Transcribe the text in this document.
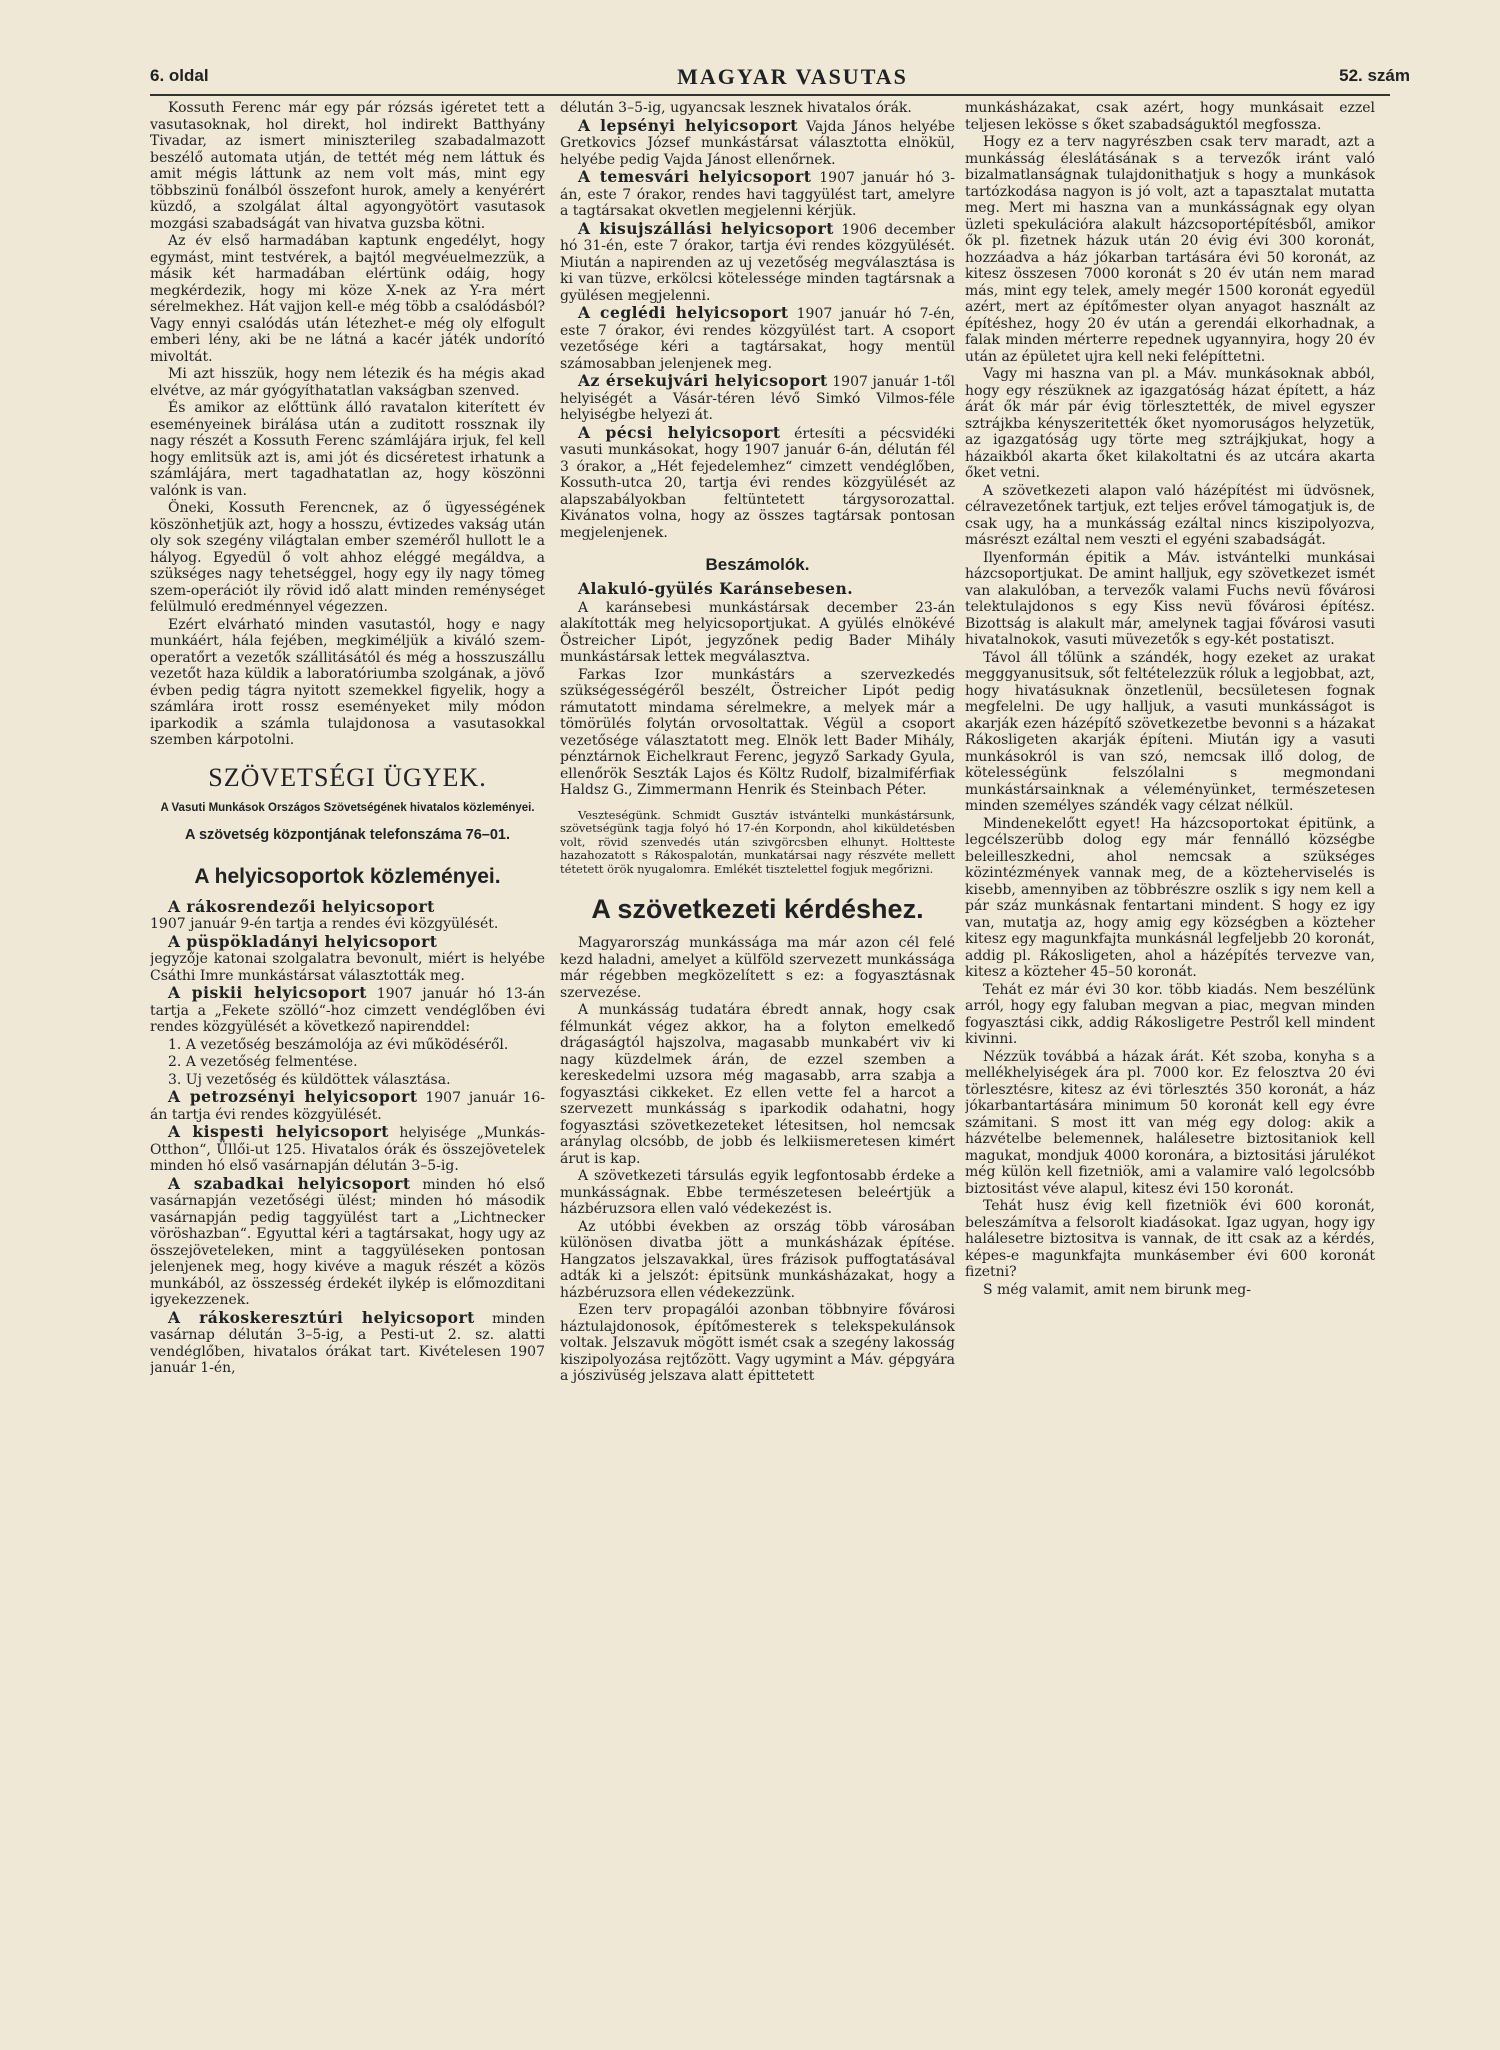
6. oldal	MAGYAR VASUTAS	52. szám

Kossuth Ferenc már egy pár rózsás igéretet tett a vasutasoknak, hol direkt, hol indirekt Batthyány Tivadar, az ismert miniszterileg szabadalmazott beszélő automata utján, de tettét még nem láttuk és amit mégis láttunk az nem volt más, mint egy többszinü fonálból összefont hurok, amely a kenyérért küzdő, a szolgálat által agyongyötört vasutasok mozgási szabadságát van hivatva guzsba kötni.

Az év első harmadában kaptunk engedélyt, hogy egymást, mint testvérek, a bajtól megvéuelmezzük, a másik két harmadában elértünk odáig, hogy megkérdezik, hogy mi köze X-nek az Y-ra mért sérelmekhez. Hát vajjon kell-e még több a csalódásból? Vagy ennyi csalódás után létezhet-e még oly elfogult emberi lény, aki be ne látná a kacér játék undorító mivoltát.

Mi azt hisszük, hogy nem létezik és ha mégis akad elvétve, az már gyógyíthatatlan vakságban szenved.

És amikor az előttünk álló ravatalon kiterített év eseményeinek birálása után a zuditott rossznak ily nagy részét a Kossuth Ferenc számlájára irjuk, fel kell hogy emlitsük azt is, ami jót és dicséretest irhatunk a számlájára, mert tagadhatatlan az, hogy köszönni valónk is van.

Öneki, Kossuth Ferencnek, az ő ügyességének köszönhetjük azt, hogy a hosszu, évtizedes vakság után oly sok szegény világtalan ember szeméről hullott le a hályog. Egyedül ő volt ahhoz eléggé megáldva, a szükséges nagy tehetséggel, hogy egy ily nagy tömeg szem-operációt ily rövid idő alatt minden reménységet felülmuló eredménnyel végezzen.

Ezért elvárható minden vasutastól, hogy e nagy munkáért, hála fejében, megkiméljük a kiváló szem-operatőrt a vezetők szállitásától és még a hosszuszállu vezetőt haza küldik a laboratóriumba szolgának, a jövő évben pedig tágra nyitott szemekkel figyelik, hogy a számlára irott rossz eseményeket mily módon iparkodik a számla tulajdonosa a vasutasokkal szemben kárpotolni.

SZÖVETSÉGI ÜGYEK.
A Vasuti Munkások Országos Szövetségének hivatalos közleményei.
A szövetség központjának telefonszáma 76–01.
A helyicsoportok közleményei.

A rákosrendezői helyicsoport
1907 január 9-én tartja a rendes évi közgyülését.

A püspökladányi helyicsoport
jegyzője katonai szolgalatra bevonult, miért is helyébe Csáthi Imre munkástársat választották meg.

A piskii helyicsoport 1907 január hó 13-án tartja a „Fekete szölló“-hoz cimzett vendéglőben évi rendes közgyülését a következő napirenddel:

1. A vezetőség beszámolója az évi működéséről.

2. A vezetőség felmentése.

3. Uj vezetőség és küldöttek választása.

A petrozsényi helyicsoport 1907 január 16-án tartja évi rendes közgyülését.

A kispesti helyicsoport helyisége „Munkás-Otthon“, Üllői-ut 125. Hivatalos órák és összejövetelek minden hó első vasárnapján délután 3–5-ig.

A szabadkai helyicsoport minden hó első vasárnapján vezetőségi ülést; minden hó második vasárnapján pedig taggyülést tart a „Lichtnecker vöröshazban“. Egyuttal kéri a tagtársakat, hogy ugy az összejöveteleken, mint a taggyüléseken pontosan jelenjenek meg, hogy kivéve a maguk részét a közös munkából, az összesség érdekét ilykép is előmozditani igyekezzenek.

A rákoskeresztúri helyicsoport minden vasárnap délután 3–5-ig, a Pesti-ut 2. sz. alatti vendéglőben, hivatalos órákat tart. Kivételesen 1907 január 1-én,

délután 3–5-ig, ugyancsak lesznek hivatalos órák.

A lepsényi helyicsoport Vajda János helyébe Gretkovics József munkástársat választotta elnökül, helyébe pedig Vajda Jánost ellenőrnek.

A temesvári helyicsoport 1907 január hó 3-án, este 7 órakor, rendes havi taggyülést tart, amelyre a tagtársakat okvetlen megjelenni kérjük.

A kisujszállási helyicsoport 1906 december hó 31-én, este 7 órakor, tartja évi rendes közgyülését. Miután a napirenden az uj vezetőség megválasztása is ki van tüzve, erkölcsi kötelessége minden tagtársnak a gyülésen megjelenni.

A ceglédi helyicsoport 1907 január hó 7-én, este 7 órakor, évi rendes közgyülést tart. A csoport vezetősége kéri a tagtársakat, hogy mentül számosabban jelenjenek meg.

Az érsekujvári helyicsoport 1907 január 1-től helyiségét a Vásár-téren lévő Simkó Vilmos-féle helyiségbe helyezi át.

A pécsi helyicsoport értesíti a pécsvidéki vasuti munkásokat, hogy 1907 január 6-án, délután fél 3 órakor, a „Hét fejedelemhez“ cimzett vendéglőben, Kossuth-utca 20, tartja évi rendes közgyülését az alapszabályokban feltüntetett tárgysorozattal. Kivánatos volna, hogy az összes tagtársak pontosan megjelenjenek.

Beszámolók.

Alakuló-gyülés Karánsebesen.

A karánsebesi munkástársak december 23-án alakították meg helyicsoportjukat. A gyülés elnökévé Östreicher Lipót, jegyzőnek pedig Bader Mihály munkástársak lettek megválasztva.

Farkas Izor munkástárs a szervezkedés szükségességéről beszélt, Östreicher Lipót pedig rámutatott mindama sérelmekre, a melyek már a tömörülés folytán orvosoltattak. Végül a csoport vezetősége választatott meg. Elnök lett Bader Mihály, pénztárnok Eichelkraut Ferenc, jegyző Sarkady Gyula, ellenőrök Seszták Lajos és Költz Rudolf, bizalmiférfiak Haldsz G., Zimmermann Henrik és Steinbach Péter.

Veszteségünk. Schmidt Gusztáv istvántelki munkástársunk, szövetségünk tagja folyó hó 17-én Korpondn, ahol kiküldetésben volt, rövid szenvedés után szivgörcsben elhunyt. Holtteste hazahozatott s Rákospalotán, munkatársai nagy részvéte mellett tétetett örök nyugalomra. Emlékét tisztelettel fogjuk megőrizni.

A szövetkezeti kérdéshez.

Magyarország munkássága ma már azon cél felé kezd haladni, amelyet a külföld szervezett munkássága már régebben megközelített s ez: a fogyasztásnak szervezése.

A munkásság tudatára ébredt annak, hogy csak félmunkát végez akkor, ha a folyton emelkedő drágaságtól hajszolva, magasabb munkabért viv ki nagy küzdelmek árán, de ezzel szemben a kereskedelmi uzsora még magasabb, arra szabja a fogyasztási cikkeket. Ez ellen vette fel a harcot a szervezett munkásság s iparkodik odahatni, hogy fogyasztási szövetkezeteket létesitsen, hol nemcsak aránylag olcsóbb, de jobb és lelkiismeretesen kimért árut is kap.

A szövetkezeti társulás egyik legfontosabb érdeke a munkásságnak. Ebbe természetesen beleértjük a házbéruzsora ellen való védekezést is.

Az utóbbi években az ország több városában különösen divatba jött a munkásházak építése. Hangzatos jelszavakkal, üres frázisok puffogtatásával adták ki a jelszót: épitsünk munkásházakat, hogy a házbéruzsora ellen védekezzünk.

Ezen terv propagálói azonban többnyire fővárosi háztulajdonosok, építőmesterek s telekspekulánsok voltak. Jelszavuk mögött ismét csak a szegény lakosság kiszipolyozása rejtőzött. Vagy ugymint a Máv. gépgyára a jószivüség jelszava alatt épittetett

munkásházakat, csak azért, hogy munkásait ezzel teljesen lekösse s őket szabadságuktól megfossza.

Hogy ez a terv nagyrészben csak terv maradt, azt a munkásság éleslátásának s a tervezők iránt való bizalmatlanságnak tulajdonithatjuk s hogy a munkások tartózkodása nagyon is jó volt, azt a tapasztalat mutatta meg. Mert mi haszna van a munkásságnak egy olyan üzleti spekulációra alakult házcsoportépítésből, amikor ők pl. fizetnek házuk után 20 évig évi 300 koronát, hozzáadva a ház jókarban tartására évi 50 koronát, az kitesz összesen 7000 koronát s 20 év után nem marad más, mint egy telek, amely megér 1500 koronát egyedül azért, mert az építőmester olyan anyagot használt az építéshez, hogy 20 év után a gerendái elkorhadnak, a falak minden mérterre repednek ugyannyira, hogy 20 év után az épületet ujra kell neki felépíttetni.

Vagy mi haszna van pl. a Máv. munkásoknak abból, hogy egy részüknek az igazgatóság házat épített, a ház árát ők már pár évig törlesztették, de mivel egyszer sztrájkba kényszeritették őket nyomoruságos helyzetük, az igazgatóság ugy törte meg sztrájkjukat, hogy a házaikból akarta őket kilakoltatni és az utcára akarta őket vetni.

A szövetkezeti alapon való házépítést mi üdvösnek, célravezetőnek tartjuk, ezt teljes erővel támogatjuk is, de csak ugy, ha a munkásság ezáltal nincs kiszipolyozva, másrészt ezáltal nem veszti el egyéni szabadságát.

Ilyenformán épitik a Máv. istvántelki munkásai házcsoportjukat. De amint halljuk, egy szövetkezet ismét van alakulóban, a tervezők valami Fuchs nevü fővárosi telektulajdonos s egy Kiss nevü fővárosi építész. Bizottság is alakult már, amelynek tagjai fővárosi vasuti hivatalnokok, vasuti müvezetők s egy-két postatiszt.

Távol áll tőlünk a szándék, hogy ezeket az urakat megggyanusitsuk, sőt feltételezzük róluk a legjobbat, azt, hogy hivatásuknak önzetlenül, becsületesen fognak megfelelni. De ugy halljuk, a vasuti munkásságot is akarják ezen házépítő szövetkezetbe bevonni s a házakat Rákosligeten akarják építeni. Miután igy a vasuti munkásokról is van szó, nemcsak illő dolog, de kötelességünk felszólalni s megmondani munkástársainknak a véleményünket, természetesen minden személyes szándék vagy célzat nélkül.

Mindenekelőtt egyet! Ha házcsoportokat épitünk, a legcélszerübb dolog egy már fennálló községbe beleilleszkedni, ahol nemcsak a szükséges közintézmények vannak meg, de a közteherviselés is kisebb, amennyiben az többrészre oszlik s igy nem kell a pár száz munkásnak fentartani mindent. S hogy ez igy van, mutatja az, hogy amig egy községben a közteher kitesz egy magunkfajta munkásnál legfeljebb 20 koronát, addig pl. Rákosligeten, ahol a házépítés tervezve van, kitesz a közteher 45–50 koronát.

Tehát ez már évi 30 kor. több kiadás. Nem beszélünk arról, hogy egy faluban megvan a piac, megvan minden fogyasztási cikk, addig Rákosligetre Pestről kell mindent kivinni.

Nézzük továbbá a házak árát. Két szoba, konyha s a mellékhelyiségek ára pl. 7000 kor. Ez felosztva 20 évi törlesztésre, kitesz az évi törlesztés 350 koronát, a ház jókarbantartására minimum 50 koronát kell egy évre számitani. S most itt van még egy dolog: akik a házvételbe belemennek, halálesetre biztositaniok kell magukat, mondjuk 4000 koronára, a biztositási járulékot még külön kell fizetniök, ami a valamire való legolcsóbb biztositást véve alapul, kitesz évi 150 koronát.

Tehát husz évig kell fizetniök évi 600 koronát, beleszámítva a felsorolt kiadásokat. Igaz ugyan, hogy igy halálesetre biztositva is vannak, de itt csak az a kérdés, képes-e magunkfajta munkásember évi 600 koronát fizetni?

S még valamit, amit nem birunk meg-
